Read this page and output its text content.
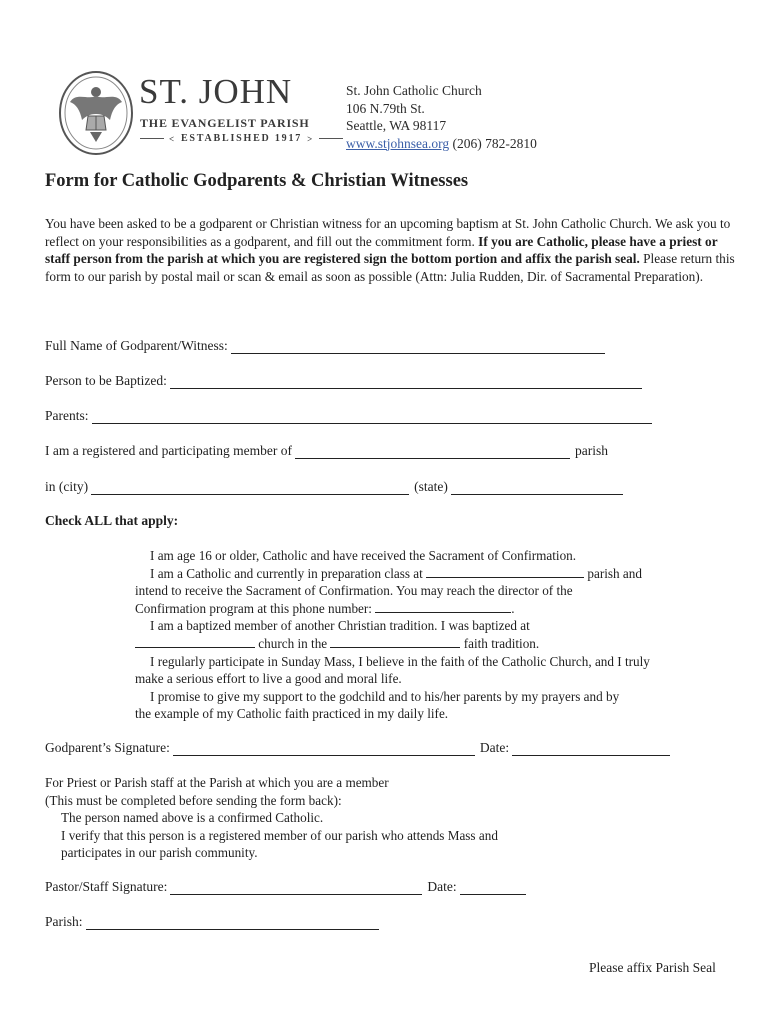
ST. JOHN
THE EVANGELIST PARISH
< ESTABLISHED 1917 >
St. John Catholic Church
106 N.79th St.
Seattle, WA 98117
www.stjohnsea.org (206) 782-2810
Form for Catholic Godparents & Christian Witnesses
You have been asked to be a godparent or Christian witness for an upcoming baptism at St. John Catholic Church. We ask you to reflect on your responsibilities as a godparent, and fill out the commitment form. If you are Catholic, please have a priest or staff person from the parish at which you are registered sign the bottom portion and affix the parish seal. Please return this form to our parish by postal mail or scan & email as soon as possible (Attn: Julia Rudden, Dir. of Sacramental Preparation).
Full Name of Godparent/Witness:
Person to be Baptized:
Parents:
I am a registered and participating member of	parish
in (city)	(state)
Check ALL that apply:
I am age 16 or older, Catholic and have received the Sacrament of Confirmation.
I am a Catholic and currently in preparation class at	parish and
intend to receive the Sacrament of Confirmation. You may reach the director of the
Confirmation program at this phone number:	.
I am a baptized member of another Christian tradition. I was baptized at
church in the	faith tradition.
I regularly participate in Sunday Mass, I believe in the faith of the Catholic Church, and I truly
make a serious effort to live a good and moral life.
I promise to give my support to the godchild and to his/her parents by my prayers and by
the example of my Catholic faith practiced in my daily life.
Godparent’s Signature:	Date:
For Priest or Parish staff at the Parish at which you are a member
(This must be completed before sending the form back):
The person named above is a confirmed Catholic.
I verify that this person is a registered member of our parish who attends Mass and
participates in our parish community.
Pastor/Staff Signature:	Date:
Parish:
Please affix Parish Seal
